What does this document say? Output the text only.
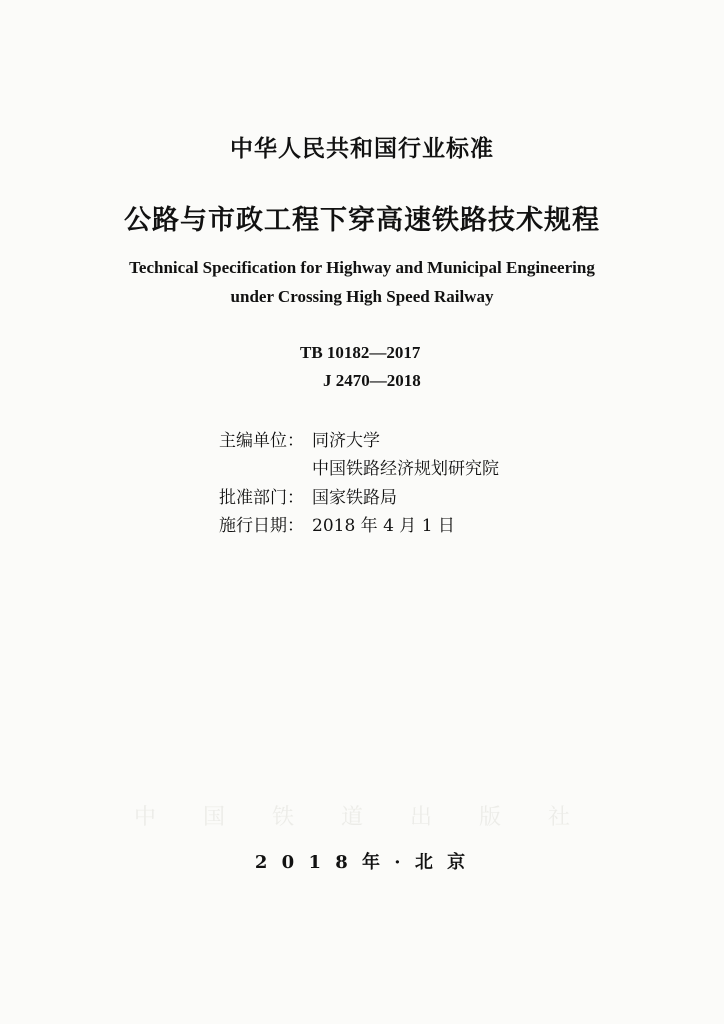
中华人民共和国行业标准
公路与市政工程下穿高速铁路技术规程
Technical Specification for Highway and Municipal Engineering
under Crossing High Speed Railway
TB 10182—2017
J 2470—2018
主编单位： 同济大学
中国铁路经济规划研究院
批准部门： 国家铁路局
施行日期： 2018 年 4 月 1 日
中 国 铁 道 出 版 社
2 0 1 8 年 · 北 京
